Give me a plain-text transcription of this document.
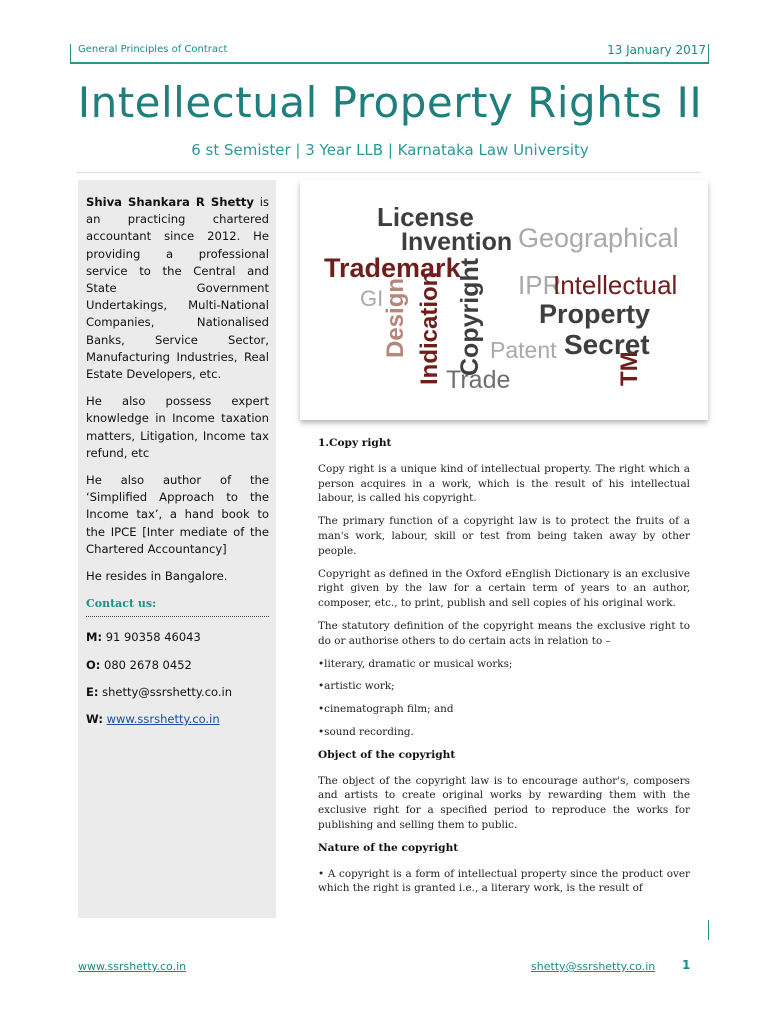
General Principles of Contract	13 January 2017
Intellectual Property Rights II
6 st Semister | 3 Year LLB | Karnataka Law University

Shiva Shankara R Shetty is an practicing chartered accountant since 2012. He providing a professional service to the Central and State Government Undertakings, Multi-National Companies, Nationalised Banks, Service Sector, Manufacturing Industries, Real Estate Developers, etc.

He also possess expert knowledge in Income taxation matters, Litigation, Income tax refund, etc

He also author of the ‘Simplified Approach to the Income tax’, a hand book to the IPCE [Inter mediate of the Chartered Accountancy]

He resides in Bangalore.

Contact us:
M: 91 90358 46043
O: 080 2678 0452
E: shetty@ssrshetty.co.in
W: www.ssrshetty.co.in
License
Invention Geographical
Trademark
Copyright IPR
Intellectual
GI
Design Indication	Property
Patent Secret
Trade	TM

1.Copy right

Copy right is a unique kind of intellectual property. The right which a person acquires in a work, which is the result of his intellectual labour, is called his copyright.

The primary function of a copyright law is to protect the fruits of a man's work, labour, skill or test from being taken away by other people.

Copyright as defined in the Oxford eEnglish Dictionary is an exclusive right given by the law for a certain term of years to an author, composer, etc., to print, publish and sell copies of his original work.

The statutory definition of the copyright means the exclusive right to do or authorise others to do certain acts in relation to –

•literary, dramatic or musical works;

•artistic work;

•cinematograph film; and

•sound recording.

Object of the copyright

The object of the copyright law is to encourage author's, composers and artists to create original works by rewarding them with the exclusive right for a specified period to reproduce the works for publishing and selling them to public.

Nature of the copyright

• A copyright is a form of intellectual property since the product over which the right is granted i.e., a literary work, is the result of

www.ssrshetty.co.in	shetty@ssrshetty.co.in 1
